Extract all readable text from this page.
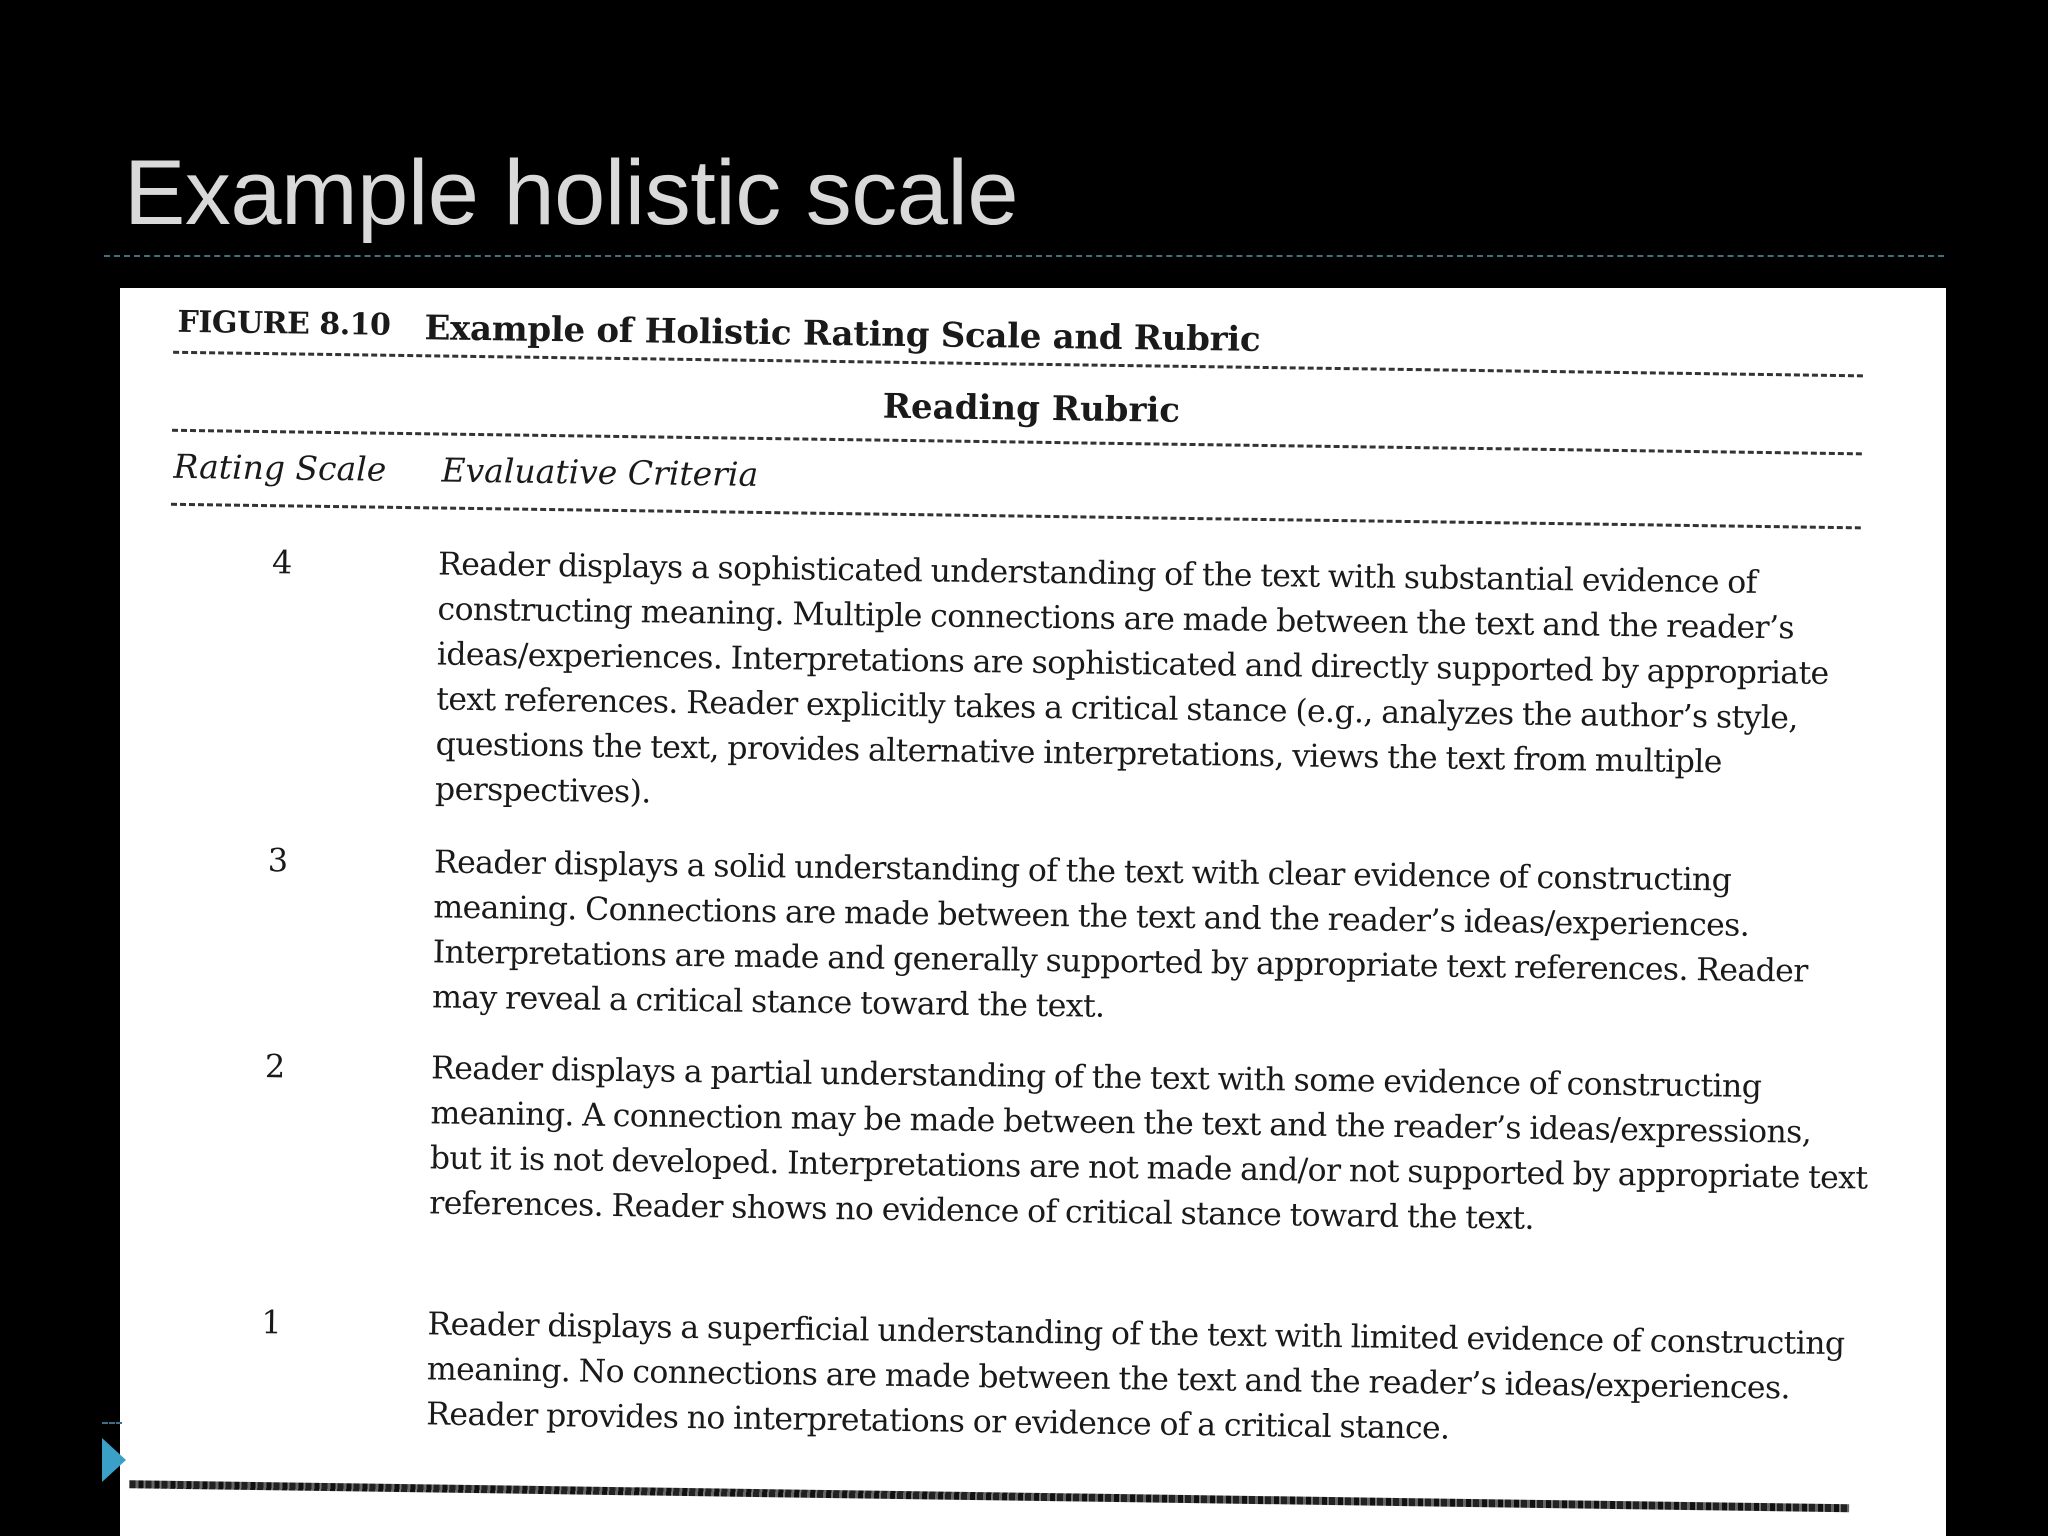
Example holistic scale
FIGURE 8.10 Example of Holistic Rating Scale and Rubric
Reading Rubric
Rating Scale Evaluative Criteria
4	Reader displays a sophisticated understanding of the text with substantial evidence of constructing meaning. Multiple connections are made between the text and the reader’s ideas/experiences. Interpretations are sophisticated and directly supported by appropriate text references. Reader explicitly takes a critical stance (e.g., analyzes the author’s style, questions the text, provides alternative interpretations, views the text from multiple perspectives).

3	Reader displays a solid understanding of the text with clear evidence of constructing meaning. Connections are made between the text and the reader’s ideas/experiences. Interpretations are made and generally supported by appropriate text references. Reader may reveal a critical stance toward the text.

2	Reader displays a partial understanding of the text with some evidence of constructing meaning. A connection may be made between the text and the reader’s ideas/expressions, but it is not developed. Interpretations are not made and/or not supported by appropriate text references. Reader shows no evidence of critical stance toward the text.

1	Reader displays a superficial understanding of the text with limited evidence of constructing meaning. No connections are made between the text and the reader’s ideas/experiences. Reader provides no interpretations or evidence of a critical stance.
